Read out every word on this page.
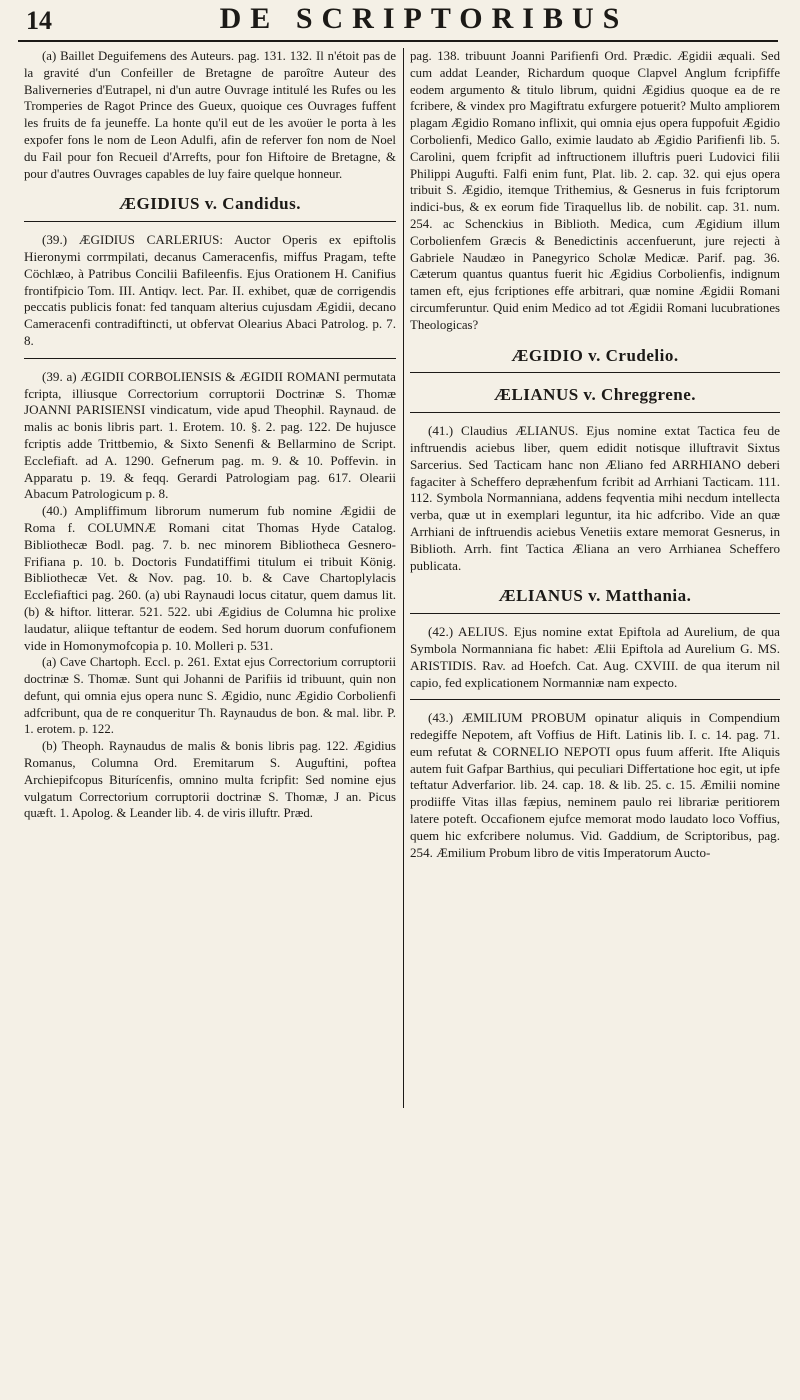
14	DE SCRIPTORIBUS

(a) Baillet Deguifemens des Auteurs. pag. 131. 132. Il n'étoit pas de la gravité d'un Confeiller de Bretagne de paroître Auteur des Baliverneries d'Eutrapel, ni d'un autre Ouvrage intitulé les Rufes ou les Tromperies de Ragot Prince des Gueux, quoique ces Ouvrages fuffent les fruits de fa jeuneffe. La honte qu'il eut de les avoüer le porta à les expofer fons le nom de Leon Adulfi, afin de referver fon nom de Noel du Fail pour fon Recueil d'Arrefts, pour fon Hiftoire de Bretagne, & pour d'autres Ouvrages capables de luy faire quelque honneur.

ÆGIDIUS v. Candidus.

(39.) ÆGIDIUS CARLERIUS: Auctor Operis ex epiftolis Hieronymi corrmpilati, decanus Cameracenfis, miffus Pragam, tefte Cöchlæo, à Patribus Concilii Bafileenfis. Ejus Orationem H. Canifius frontifpicio Tom. III. Antiqv. lect. Par. II. exhibet, quæ de corrigendis peccatis publicis fonat: fed tanquam alterius cujusdam Ægidii, decano Cameracenfi contradiftincti, ut obfervat Olearius Abaci Patrolog. p. 7. 8.

(39. a) ÆGIDII CORBOLIENSIS & ÆGIDII ROMANI permutata fcripta, illiusque Correctorium corruptorii Doctrinæ S. Thomæ JOANNI PARISIENSI vindicatum, vide apud Theophil. Raynaud. de malis ac bonis libris part. 1. Erotem. 10. §. 2. pag. 122. De hujusce fcriptis adde Trittbemio, & Sixto Senenfi & Bellarmino de Script. Ecclefiaft. ad A. 1290. Gefnerum pag. m. 9. & 10. Poffevin. in Apparatu p. 19. & feqq. Gerardi Patrologiam pag. 617. Olearii Abacum Patrologicum p. 8.

(40.) Ampliffimum librorum numerum fub nomine Ægidii de Roma f. COLUMNÆ Romani citat Thomas Hyde Catalog. Bibliothecæ Bodl. pag. 7. b. nec minorem Bibliotheca Gesnero-Frifiana p. 10. b. Doctoris Fundatiffimi titulum ei tribuit König. Bibliothecæ Vet. & Nov. pag. 10. b. & Cave Chartoplylacis Ecclefiaftici pag. 260. (a) ubi Raynaudi locus citatur, quem damus lit. (b) & hiftor. litterar. 521. 522. ubi Ægidius de Columna hic prolixe laudatur, aliique teftantur de eodem. Sed horum duorum confufionem vide in Homonymofcopia p. 10. Molleri p. 531.

(a) Cave Chartoph. Eccl. p. 261. Extat ejus Correctorium corruptorii doctrinæ S. Thomæ. Sunt qui Johanni de Parifiis id tribuunt, quin non defunt, qui omnia ejus opera nunc S. Ægidio, nunc Ægidio Corbolienfi adfcribunt, qua de re conqueritur Th. Raynaudus de bon. & mal. libr. P. 1. erotem. p. 122.

(b) Theoph. Raynaudus de malis & bonis libris pag. 122. Ægidius Romanus, Columna Ord. Eremitarum S. Auguftini, poftea Archiepifcopus Biturícenfis, omnino multa fcripfit: Sed nomine ejus vulgatum Correctorium corruptorii doctrinæ S. Thomæ, J an. Picus quæft. 1. Apolog. & Leander lib. 4. de viris illuftr. Præd.

pag. 138. tribuunt Joanni Parifienfi Ord. Prædic. Ægidii æquali. Sed cum addat Leander, Richardum quoque Clapvel Anglum fcripfiffe eodem argumento & titulo librum, quidni Ægidius quoque ea de re fcribere, & vindex pro Magiftratu exfurgere potuerit? Multo ampliorem plagam Ægidio Romano inflixit, qui omnia ejus opera fuppofuit Ægidio Corbolienfi, Medico Gallo, eximie laudato ab Ægidio Parifienfi lib. 5. Carolini, quem fcripfit ad inftructionem illuftris pueri Ludovici filii Philippi Augufti. Falfi enim funt, Plat. lib. 2. cap. 32. qui ejus opera tribuit S. Ægidio, itemque Trithemius, & Gesnerus in fuis fcriptorum indici-bus, & ex eorum fide Tiraquellus lib. de nobilit. cap. 31. num. 254. ac Schenckius in Biblioth. Medica, cum Ægidium illum Corbolienfem Græcis & Benedictinis accenfuerunt, jure rejecti à Gabriele Naudæo in Panegyrico Scholæ Medicæ. Parif. pag. 36. Cæterum quantus quantus fuerit hic Ægidius Corbolienfis, indignum tamen eft, ejus fcriptiones effe arbitrari, quæ nomine Ægidii Romani circumferuntur. Quid enim Medico ad tot Ægidii Romani lucubrationes Theologicas?

ÆGIDIO v. Crudelio.
ÆLIANUS v. Chreggrene.

(41.) Claudius ÆLIANUS. Ejus nomine extat Tactica feu de inftruendis aciebus liber, quem edidit notisque illuftravit Sixtus Sarcerius. Sed Tacticam hanc non Æliano fed ARRHIANO deberi fagaciter à Scheffero depræhenfum fcribit ad Arrhiani Tacticam. 111. 112. Symbola Normanniana, addens feqventia mihi necdum intellecta verba, quæ ut in exemplari leguntur, ita hic adfcribo. Vide an quæ Arrhiani de inftruendis aciebus Venetiis extare memorat Gesnerus, in Biblioth. Arrh. fint Tactica Æliana an vero Arrhianea Scheffero publicata.

ÆLIANUS v. Matthania.

(42.) AELIUS. Ejus nomine extat Epiftola ad Aurelium, de qua Symbola Normanniana fic habet: Ælii Epiftola ad Aurelium G. MS. ARISTIDIS. Rav. ad Hoefch. Cat. Aug. CXVIII. de qua iterum nil capio, fed explicationem Normanniæ nam expecto.

(43.) ÆMILIUM PROBUM opinatur aliquis in Compendium redegiffe Nepotem, aft Voffius de Hift. Latinis lib. I. c. 14. pag. 71. eum refutat & CORNELIO NEPOTI opus fuum afferit. Ifte Aliquis autem fuit Gafpar Barthius, qui peculiari Differtatione hoc egit, ut ipfe teftatur Adverfarior. lib. 24. cap. 18. & lib. 25. c. 15. Æmilii nomine prodiiffe Vitas illas fæpius, neminem paulo rei librariæ peritiorem latere poteft. Occafionem ejufce memorat modo laudato loco Voffius, quem hic exfcribere nolumus. Vid. Gaddium, de Scriptoribus, pag. 254. Æmilium Probum libro de vitis Imperatorum Aucto-
